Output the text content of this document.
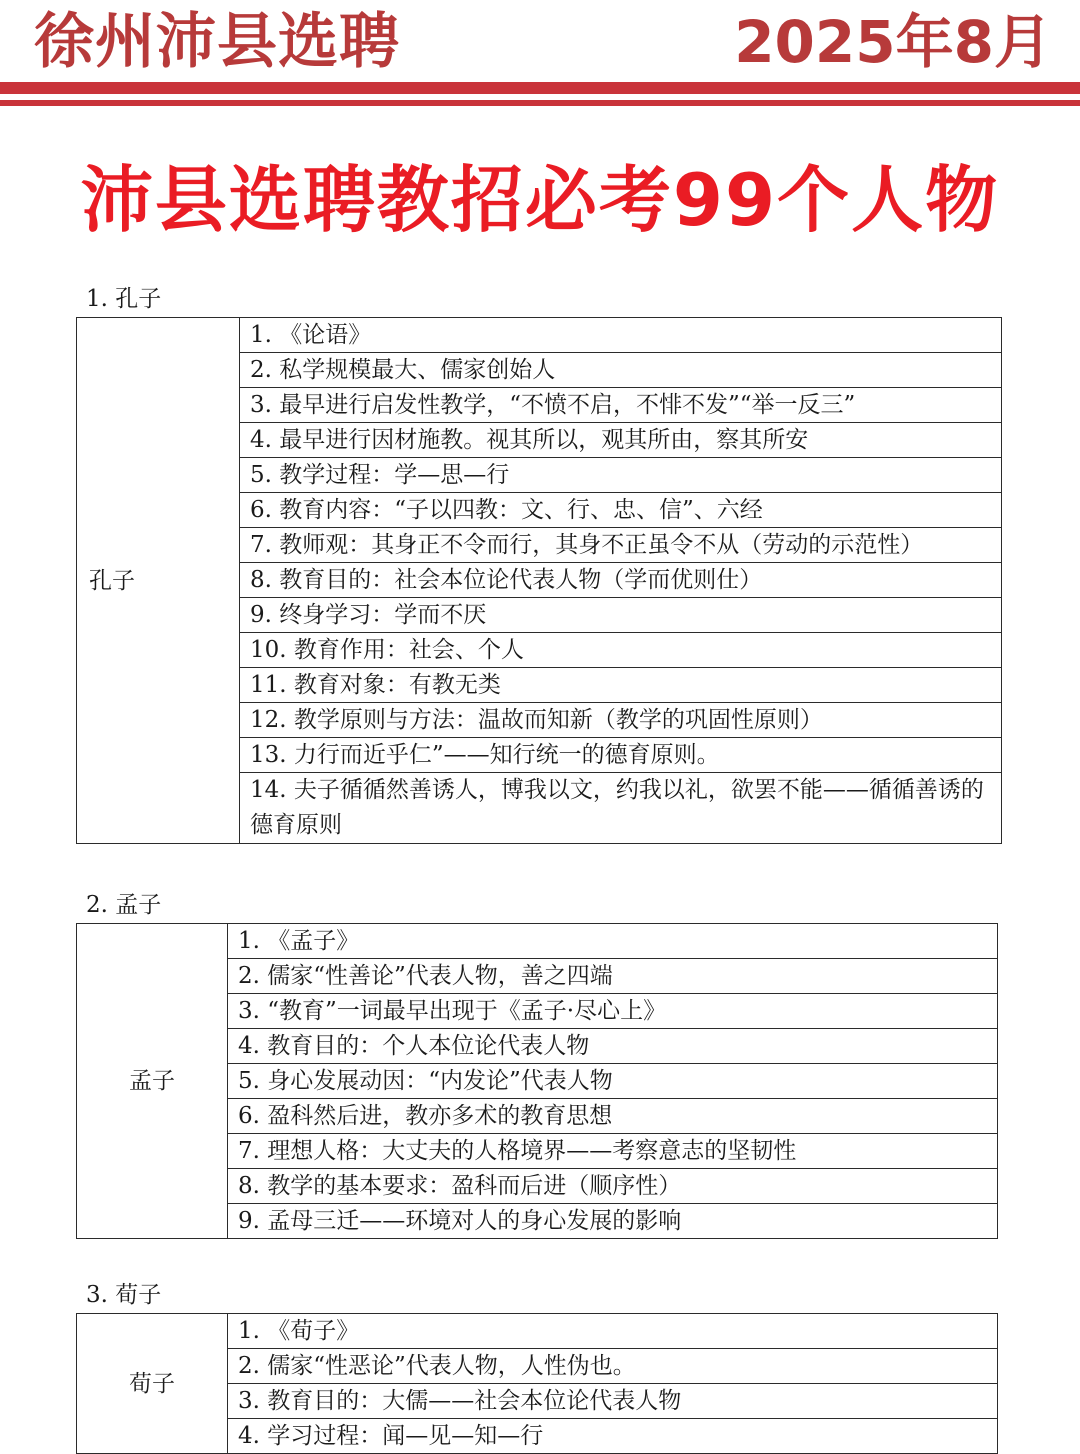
徐州沛县选聘	2025年8月
沛县选聘教招必考99个人物
1. 孔子
孔子	1. 《论语》
2. 私学规模最大、儒家创始人
3. 最早进行启发性教学，“不愤不启，不悱不发”“举一反三”
4. 最早进行因材施教。视其所以，观其所由，察其所安
5. 教学过程：学—思—行
6. 教育内容：“子以四教：文、行、忠、信”、六经
7. 教师观：其身正不令而行，其身不正虽令不从（劳动的示范性）
8. 教育目的：社会本位论代表人物（学而优则仕）
9. 终身学习：学而不厌
10. 教育作用：社会、个人
11. 教育对象：有教无类
12. 教学原则与方法：温故而知新（教学的巩固性原则）
13. 力行而近乎仁”——知行统一的德育原则。
14. 夫子循循然善诱人，博我以文，约我以礼，欲罢不能——循循善诱的德育原则
2. 孟子
孟子	1. 《孟子》
2. 儒家“性善论”代表人物，善之四端
3. “教育”一词最早出现于《孟子·尽心上》
4. 教育目的：个人本位论代表人物
5. 身心发展动因：“内发论”代表人物
6. 盈科然后进，教亦多术的教育思想
7. 理想人格：大丈夫的人格境界——考察意志的坚韧性
8. 教学的基本要求：盈科而后进（顺序性）
9. 孟母三迁——环境对人的身心发展的影响
3. 荀子
荀子	1. 《荀子》
2. 儒家“性恶论”代表人物，人性伪也。
3. 教育目的：大儒——社会本位论代表人物
4. 学习过程：闻—见—知—行
